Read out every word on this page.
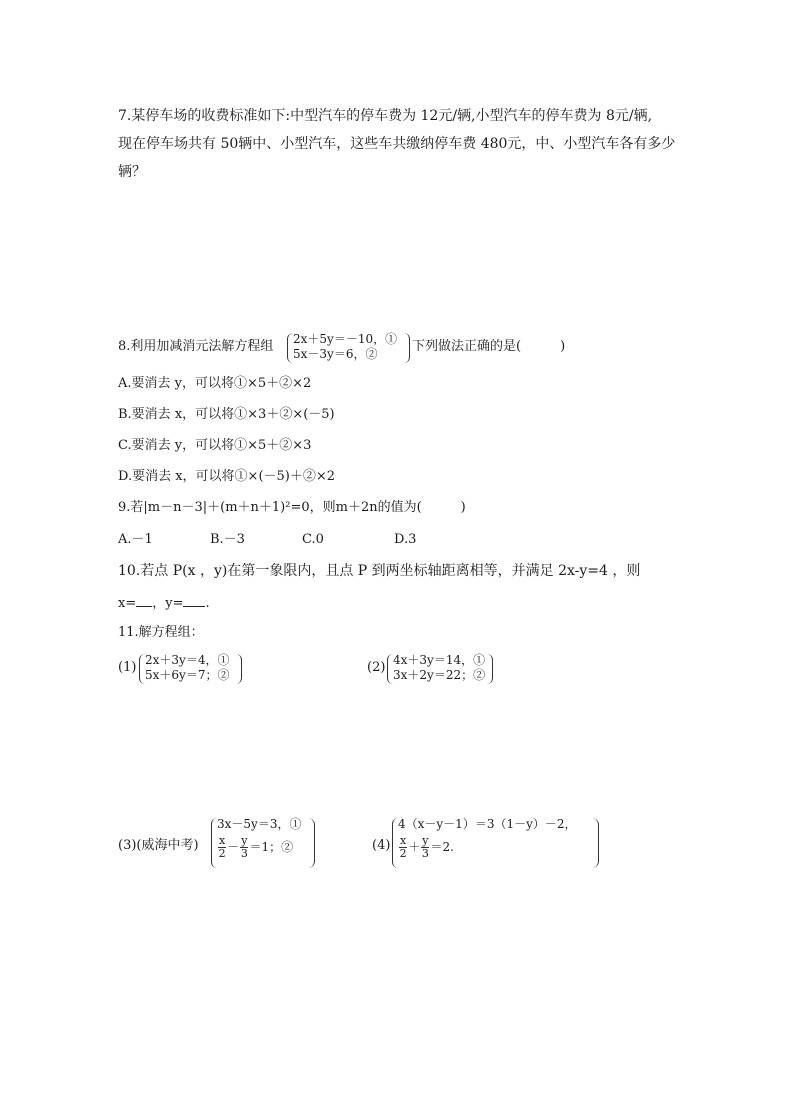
7.某停车场的收费标准如下:中型汽车的停车费为 12元/辆,小型汽车的停车费为 8元/辆,
现在停车场共有 50辆中、小型汽车，这些车共缴纳停车费 480元，中、小型汽车各有多少
辆？
8.利用加减消元法解方程组 2x＋5y＝－10，①
5x－3y＝6，②	下列做法正确的是(　　　)
A.要消去 y，可以将①×5＋②×2
B.要消去 x，可以将①×3＋②×(－5)
C.要消去 y，可以将①×5＋②×3
D.要消去 x，可以将①×(－5)＋②×2
9.若|m－n－3|＋(m＋n＋1)²=0，则m＋2n的值为(　　　)
A.－1	B.－3	C.0	D.3
10.若点 P(x ，y)在第一象限内，且点 P 到两坐标轴距离相等，并满足 2x-y=4 ，则
x= ，y= .
11.解方程组：
(1) 2x＋3y＝4，①
5x＋6y＝7；②	(2) 4x＋3y＝14，①
3x＋2y＝22；②
(3)(威海中考)
3x－5y＝3，①
$\frac{x}{2} - \frac{y}{3} =1$；②	(4)
4（x－y－1）＝3（1－y）－2，
$\frac{x}{2} + \frac{y}{3} =2$.
